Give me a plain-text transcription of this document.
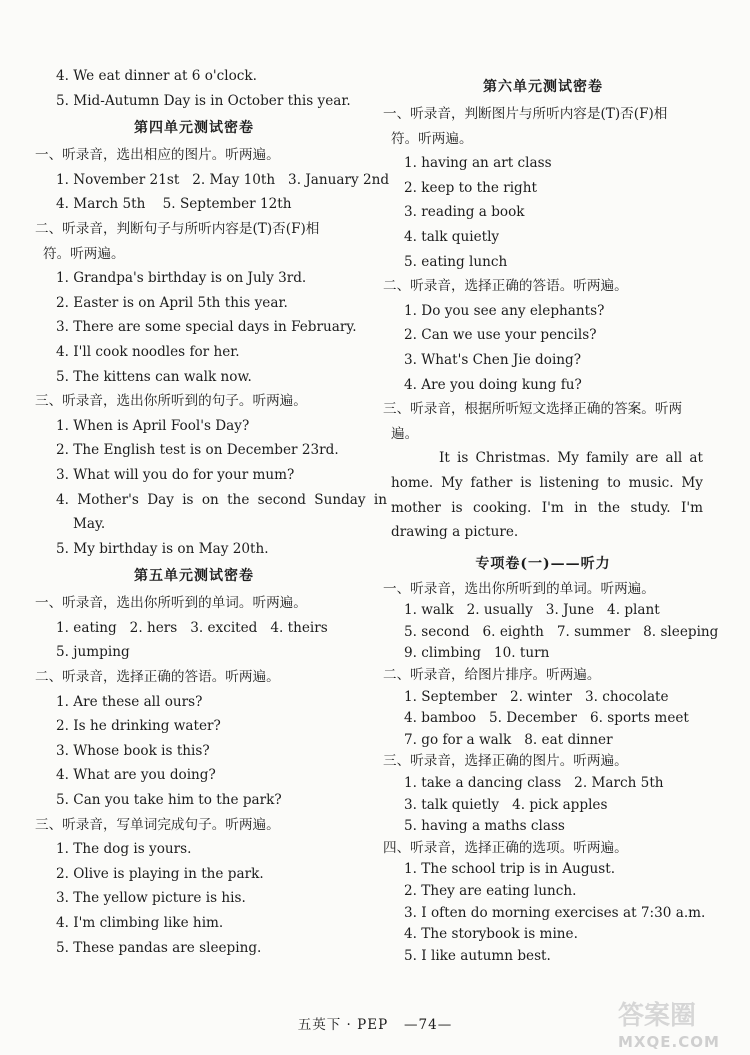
4. We eat dinner at 6 o'clock.
5. Mid-Autumn Day is in October this year.
第四单元测试密卷
一、听录音，选出相应的图片。听两遍。
1. November 21st   2. May 10th   3. January 2nd
4. March 5th    5. September 12th
二、听录音，判断句子与所听内容是(T)否(F)相
符。听两遍。
1. Grandpa's birthday is on July 3rd.
2. Easter is on April 5th this year.
3. There are some special days in February.
4. I'll cook noodles for her.
5. The kittens can walk now.
三、听录音，选出你所听到的句子。听两遍。
1. When is April Fool's Day?
2. The English test is on December 23rd.
3. What will you do for your mum?
4. Mother's Day is on the second Sunday in
May.
5. My birthday is on May 20th.
第五单元测试密卷
一、听录音，选出你所听到的单词。听两遍。
1. eating   2. hers   3. excited   4. theirs
5. jumping
二、听录音，选择正确的答语。听两遍。
1. Are these all ours?
2. Is he drinking water?
3. Whose book is this?
4. What are you doing?
5. Can you take him to the park?
三、听录音，写单词完成句子。听两遍。
1. The dog is yours.
2. Olive is playing in the park.
3. The yellow picture is his.
4. I'm climbing like him.
5. These pandas are sleeping.
第六单元测试密卷
一、听录音，判断图片与所听内容是(T)否(F)相
符。听两遍。
1. having an art class
2. keep to the right
3. reading a book
4. talk quietly
5. eating lunch
二、听录音，选择正确的答语。听两遍。
1. Do you see any elephants?
2. Can we use your pencils?
3. What's Chen Jie doing?
4. Are you doing kung fu?
三、听录音，根据所听短文选择正确的答案。听两
遍。
It is Christmas. My family are all at home. My father is listening to music. My mother is cooking. I'm in the study. I'm drawing a picture.
专项卷(一)——听力
一、听录音，选出你所听到的单词。听两遍。
1. walk   2. usually   3. June   4. plant
5. second   6. eighth   7. summer   8. sleeping
9. climbing   10. turn
二、听录音，给图片排序。听两遍。
1. September   2. winter   3. chocolate
4. bamboo   5. December   6. sports meet
7. go for a walk   8. eat dinner
三、听录音，选择正确的图片。听两遍。
1. take a dancing class   2. March 5th
3. talk quietly   4. pick apples
5. having a maths class
四、听录音，选择正确的选项。听两遍。
1. The school trip is in August.
2. They are eating lunch.
3. I often do morning exercises at 7:30 a.m.
4. The storybook is mine.
5. I like autumn best.
五英下 · PEP   —74—	答案圈
MXQE.COM
